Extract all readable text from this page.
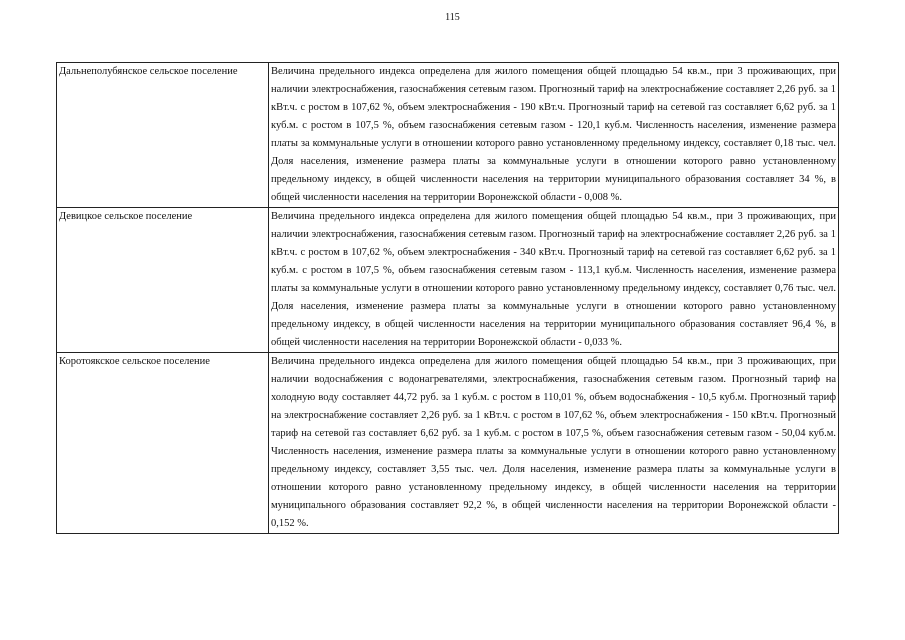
115
Дальнеполубянское сельское поселение	Величина предельного индекса определена для жилого помещения общей площадью 54 кв.м., при 3 проживающих, при наличии электроснабжения, газоснабжения сетевым газом. Прогнозный тариф на электроснабжение составляет 2,26 руб. за 1 кВт.ч. с ростом в 107,62 %, объем электроснабжения - 190 кВт.ч. Прогнозный тариф на сетевой газ составляет 6,62 руб. за 1 куб.м. с ростом в 107,5 %, объем газоснабжения сетевым газом - 120,1 куб.м. Численность населения, изменение размера платы за коммунальные услуги в отношении которого равно установленному предельному индексу, составляет 0,18 тыс. чел. Доля населения, изменение размера платы за коммунальные услуги в отношении которого равно установленному предельному индексу, в общей численности населения на территории муниципального образования составляет 34 %, в общей численности населения на территории Воронежской области - 0,008 %.
Девицкое сельское поселение	Величина предельного индекса определена для жилого помещения общей площадью 54 кв.м., при 3 проживающих, при наличии электроснабжения, газоснабжения сетевым газом. Прогнозный тариф на электроснабжение составляет 2,26 руб. за 1 кВт.ч. с ростом в 107,62 %, объем электроснабжения - 340 кВт.ч. Прогнозный тариф на сетевой газ составляет 6,62 руб. за 1 куб.м. с ростом в 107,5 %, объем газоснабжения сетевым газом - 113,1 куб.м. Численность населения, изменение размера платы за коммунальные услуги в отношении которого равно установленному предельному индексу, составляет 0,76 тыс. чел. Доля населения, изменение размера платы за коммунальные услуги в отношении которого равно установленному предельному индексу, в общей численности населения на территории муниципального образования составляет 96,4 %, в общей численности населения на территории Воронежской области - 0,033 %.
Коротоякское сельское поселение	Величина предельного индекса определена для жилого помещения общей площадью 54 кв.м., при 3 проживающих, при наличии водоснабжения с водонагревателями, электроснабжения, газоснабжения сетевым газом. Прогнозный тариф на холодную воду составляет 44,72 руб. за 1 куб.м. с ростом в 110,01 %, объем водоснабжения - 10,5 куб.м. Прогнозный тариф на электроснабжение составляет 2,26 руб. за 1 кВт.ч. с ростом в 107,62 %, объем электроснабжения - 150 кВт.ч. Прогнозный тариф на сетевой газ составляет 6,62 руб. за 1 куб.м. с ростом в 107,5 %, объем газоснабжения сетевым газом - 50,04 куб.м. Численность населения, изменение размера платы за коммунальные услуги в отношении которого равно установленному предельному индексу, составляет 3,55 тыс. чел. Доля населения, изменение размера платы за коммунальные услуги в отношении которого равно установленному предельному индексу, в общей численности населения на территории муниципального образования составляет 92,2 %, в общей численности населения на территории Воронежской области - 0,152 %.
